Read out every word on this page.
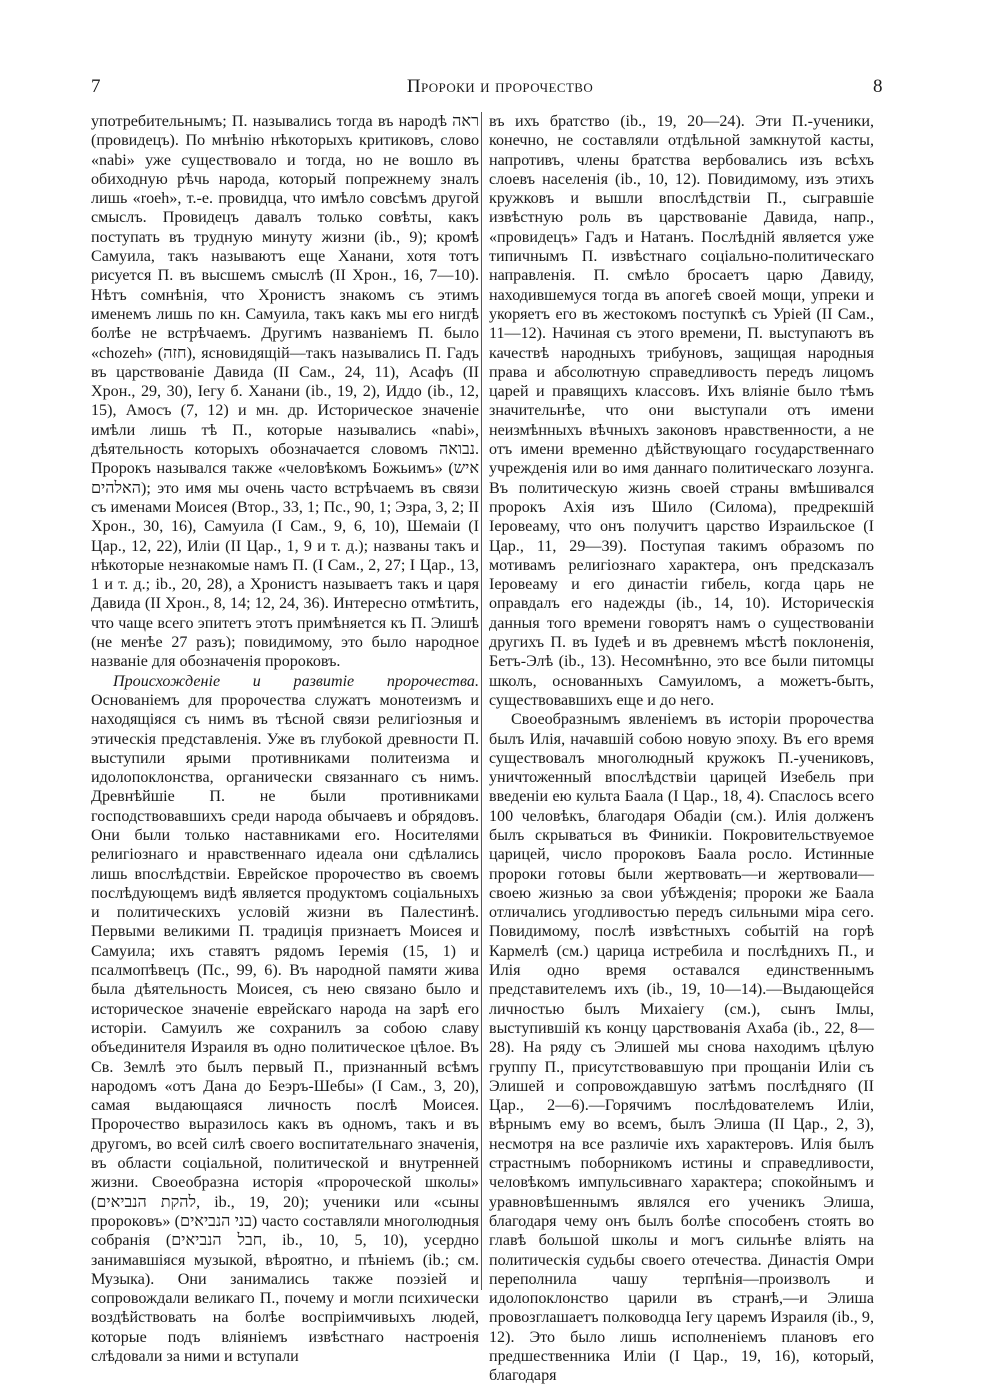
7	Пророки и пророчество	8

употребительнымъ; П. назывались тогда въ народѣ ראה (провидецъ). По мнѣнію нѣкоторыхъ критиковъ, слово «nabi» уже существовало и тогда, но не вошло въ обиходную рѣчь народа, который попрежнему зналъ лишь «roeh», т.-е. провидца, что имѣло совсѣмъ другой смыслъ. Провидецъ давалъ только совѣты, какъ поступать въ трудную минуту жизни (ib., 9); кромѣ Самуила, такъ называютъ еще Ханани, хотя тотъ рисуется П. въ высшемъ смыслѣ (II Хрон., 16, 7—10). Нѣтъ сомнѣнія, что Хронистъ знакомъ съ этимъ именемъ лишь по кн. Самуила, такъ какъ мы его нигдѣ болѣе не встрѣчаемъ. Другимъ названіемъ П. было «chozeh» (חזה), ясновидящій—такъ назывались П. Гадъ въ царствованіе Давида (II Сам., 24, 11), Асафъ (II Хрон., 29, 30), Iегу б. Ханани (ib., 19, 2), Иддо (ib., 12, 15), Амосъ (7, 12) и мн. др. Историческое значеніе имѣли лишь тѣ П., которые назывались «nabi», дѣятельность которыхъ обозначается словомъ נבואה. Пророкъ назывался также «человѣкомъ Божьимъ» (איש האלהים); это имя мы очень часто встрѣчаемъ въ связи съ именами Моисея (Втор., 33, 1; Пс., 90, 1; Эзра, 3, 2; II Хрон., 30, 16), Самуила (I Сам., 9, 6, 10), Шемаіи (I Цар., 12, 22), Иліи (II Цар., 1, 9 и т. д.); названы такъ и нѣкоторые незнакомые намъ П. (I Сам., 2, 27; I Цар., 13, 1 и т. д.; ib., 20, 28), а Хронистъ называетъ такъ и царя Давида (II Хрон., 8, 14; 12, 24, 36). Интересно отмѣтить, что чаще всего эпитетъ этотъ примѣняется къ П. Элишѣ (не менѣе 27 разъ); повидимому, это было народное названіе для обозначенія пророковъ.

Происхожденіе и развитіе пророчества. Основаніемъ для пророчества служатъ монотеизмъ и находящіяся съ нимъ въ тѣсной связи религіозныя и этическія представленія. Уже въ глубокой древности П. выступили ярыми противниками политеизма и идолопоклонства, органически связаннаго съ нимъ. Древнѣйшіе П. не были противниками господствовавшихъ среди народа обычаевъ и обрядовъ. Они были только наставниками его. Носителями религіознаго и нравственнаго идеала они сдѣлались лишь впослѣдствіи. Еврейское пророчество въ своемъ послѣдующемъ видѣ является продуктомъ соціальныхъ и политическихъ условій жизни въ Палестинѣ. Первыми великими П. традиція признаетъ Моисея и Самуила; ихъ ставятъ рядомъ Іеремія (15, 1) и псалмопѣвецъ (Пс., 99, 6). Въ народной памяти жива была дѣятельность Моисея, съ нею связано было и историческое значеніе еврейскаго народа на зарѣ его исторіи. Самуилъ же сохранилъ за собою славу объединителя Израиля въ одно политическое цѣлое. Въ Св. Землѣ это былъ первый П., признанный всѣмъ народомъ «отъ Дана до Беэръ-Шебы» (I Сам., 3, 20), самая выдающаяся личность послѣ Моисея. Пророчество выразилось какъ въ одномъ, такъ и въ другомъ, во всей силѣ своего воспитательнаго значенія, въ области соціальной, политической и внутренней жизни. Своеобразна исторія «пророческой школы» (להקת הנביאים, ib., 19, 20); ученики или «сыны пророковъ» (בני הנביאים) часто составляли многолюдныя собранія (חבל הנביאים, ib., 10, 5, 10), усердно занимавшіяся музыкой, вѣроятно, и пѣніемъ (ib.; см. Музыка). Они занимались также поэзіей и сопровождали великаго П., почему и могли психически воздѣйствовать на болѣе воспріимчивыхъ людей, которые подъ вліяніемъ извѣстнаго настроенія слѣдовали за ними и вступали

въ ихъ братство (ib., 19, 20—24). Эти П.-ученики, конечно, не составляли отдѣльной замкнутой касты, напротивъ, члены братства вербовались изъ всѣхъ слоевъ населенія (ib., 10, 12). Повидимому, изъ этихъ кружковъ и вышли впослѣдствіи П., сыгравшіе извѣстную роль въ царствованіе Давида, напр., «провидецъ» Гадъ и Натанъ. Послѣдній является уже типичнымъ П. извѣстнаго соціально-политическаго направленія. П. смѣло бросаетъ царю Давиду, находившемуся тогда въ апогеѣ своей мощи, упреки и укоряетъ его въ жестокомъ поступкѣ съ Уріей (II Сам., 11—12). Начиная съ этого времени, П. выступаютъ въ качествѣ народныхъ трибуновъ, защищая народныя права и абсолютную справедливость передъ лицомъ царей и правящихъ классовъ. Ихъ вліяніе было тѣмъ значительнѣе, что они выступали отъ имени неизмѣнныхъ вѣчныхъ законовъ нравственности, а не отъ имени временно дѣйствующаго государственнаго учрежденія или во имя даннаго политическаго лозунга. Въ политическую жизнь своей страны вмѣшивался пророкъ Ахія изъ Шило (Силома), предрекшій Іеровеаму, что онъ получитъ царство Израильское (I Цар., 11, 29—39). Поступая такимъ образомъ по мотивамъ религіознаго характера, онъ предсказалъ Іеровеаму и его династіи гибель, когда царь не оправдалъ его надежды (ib., 14, 10). Историческія данныя того времени говорятъ намъ о существованіи другихъ П. въ Іудеѣ и въ древнемъ мѣстѣ поклоненія, Бетъ-Элѣ (ib., 13). Несомнѣнно, это все были питомцы школъ, основанныхъ Самуиломъ, а можетъ-быть, существовавшихъ еще и до него.

Своеобразнымъ явленіемъ въ исторіи пророчества былъ Илія, начавшій собою новую эпоху. Въ его время существовалъ многолюдный кружокъ П.-учениковъ, уничтоженный впослѣдствіи царицей Изебель при введеніи ею культа Баала (I Цар., 18, 4). Спаслось всего 100 человѣкъ, благодаря Обадіи (см.). Илія долженъ былъ скрываться въ Финикіи. Покровительствуемое царицей, число пророковъ Баала росло. Истинные пророки готовы были жертвовать—и жертвовали—своею жизнью за свои убѣжденія; пророки же Баала отличались угодливостью передъ сильными міра сего. Повидимому, послѣ извѣстныхъ событій на горѣ Кармелѣ (см.) царица истребила и послѣднихъ П., и Илія одно время оставался единственнымъ представителемъ ихъ (ib., 19, 10—14).—Выдающейся личностью былъ Михаіегу (см.), сынъ Імлы, выступившій къ концу царствованія Ахаба (ib., 22, 8—28). На ряду съ Элишей мы снова находимъ цѣлую группу П., присутствовавшую при прощаніи Иліи съ Элишей и сопровождавшую затѣмъ послѣдняго (II Цар., 2—6).—Горячимъ послѣдователемъ Иліи, вѣрнымъ ему во всемъ, былъ Элиша (II Цар., 2, 3), несмотря на все различіе ихъ характеровъ. Илія былъ страстнымъ поборникомъ истины и справедливости, человѣкомъ импульсивнаго характера; спокойнымъ и уравновѣшеннымъ являлся его ученикъ Элиша, благодаря чему онъ былъ болѣе способенъ стоять во главѣ большой школы и могъ сильнѣе вліять на политическія судьбы своего отечества. Династія Омри переполнила чашу терпѣнія—произволъ и идолопоклонство царили въ странѣ,—и Элиша провозглашаетъ полководца Іегу царемъ Израиля (ib., 9, 12). Это было лишь исполненіемъ плановъ его предшественника Иліи (I Цар., 19, 16), который, благодаря
